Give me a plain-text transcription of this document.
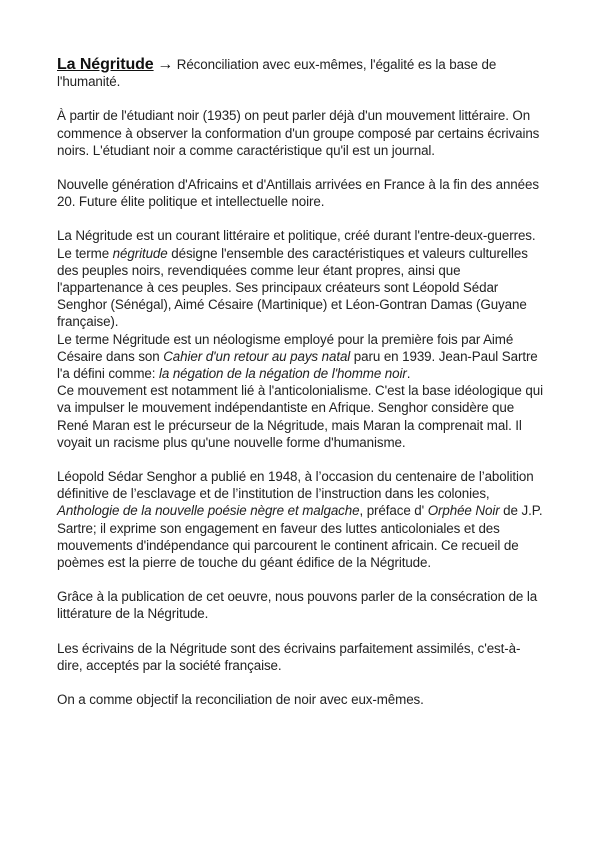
La Négritude → Réconciliation avec eux-mêmes, l'égalité es la base de l'humanité.

À partir de l'étudiant noir (1935) on peut parler déjà d'un mouvement littéraire. On commence à observer la conformation d'un groupe composé par certains écrivains noirs. L'étudiant noir a comme caractéristique qu'il est un journal.

Nouvelle génération d'Africains et d'Antillais arrivées en France à la fin des années 20. Future élite politique et intellectuelle noire.

La Négritude est un courant littéraire et politique, créé durant l'entre-deux-guerres. Le terme négritude désigne l'ensemble des caractéristiques et valeurs culturelles des peuples noirs, revendiquées comme leur étant propres, ainsi que l'appartenance à ces peuples. Ses principaux créateurs sont Léopold Sédar Senghor (Sénégal), Aimé Césaire (Martinique) et Léon-Gontran Damas (Guyane française).

Le terme Négritude est un néologisme employé pour la première fois par Aimé Césaire dans son Cahier d'un retour au pays natal paru en 1939. Jean-Paul Sartre l'a défini comme: la négation de la négation de l'homme noir.

Ce mouvement est notamment lié à l'anticolonialisme. C'est la base idéologique qui va impulser le mouvement indépendantiste en Afrique. Senghor considère que René Maran est le précurseur de la Négritude, mais Maran la comprenait mal. Il voyait un racisme plus qu'une nouvelle forme d'humanisme.

Léopold Sédar Senghor a publié en 1948, à l’occasion du centenaire de l’abolition définitive de l’esclavage et de l’institution de l’instruction dans les colonies, Anthologie de la nouvelle poésie nègre et malgache, préface d' Orphée Noir de J.P. Sartre; il exprime son engagement en faveur des luttes anticoloniales et des mouvements d'indépendance qui parcourent le continent africain. Ce recueil de poèmes est la pierre de touche du géant édifice de la Négritude.

Grâce à la publication de cet oeuvre, nous pouvons parler de la consécration de la littérature de la Négritude.

Les écrivains de la Négritude sont des écrivains parfaitement assimilés, c'est-à-dire, acceptés par la société française.

On a comme objectif la reconciliation de noir avec eux-mêmes.
